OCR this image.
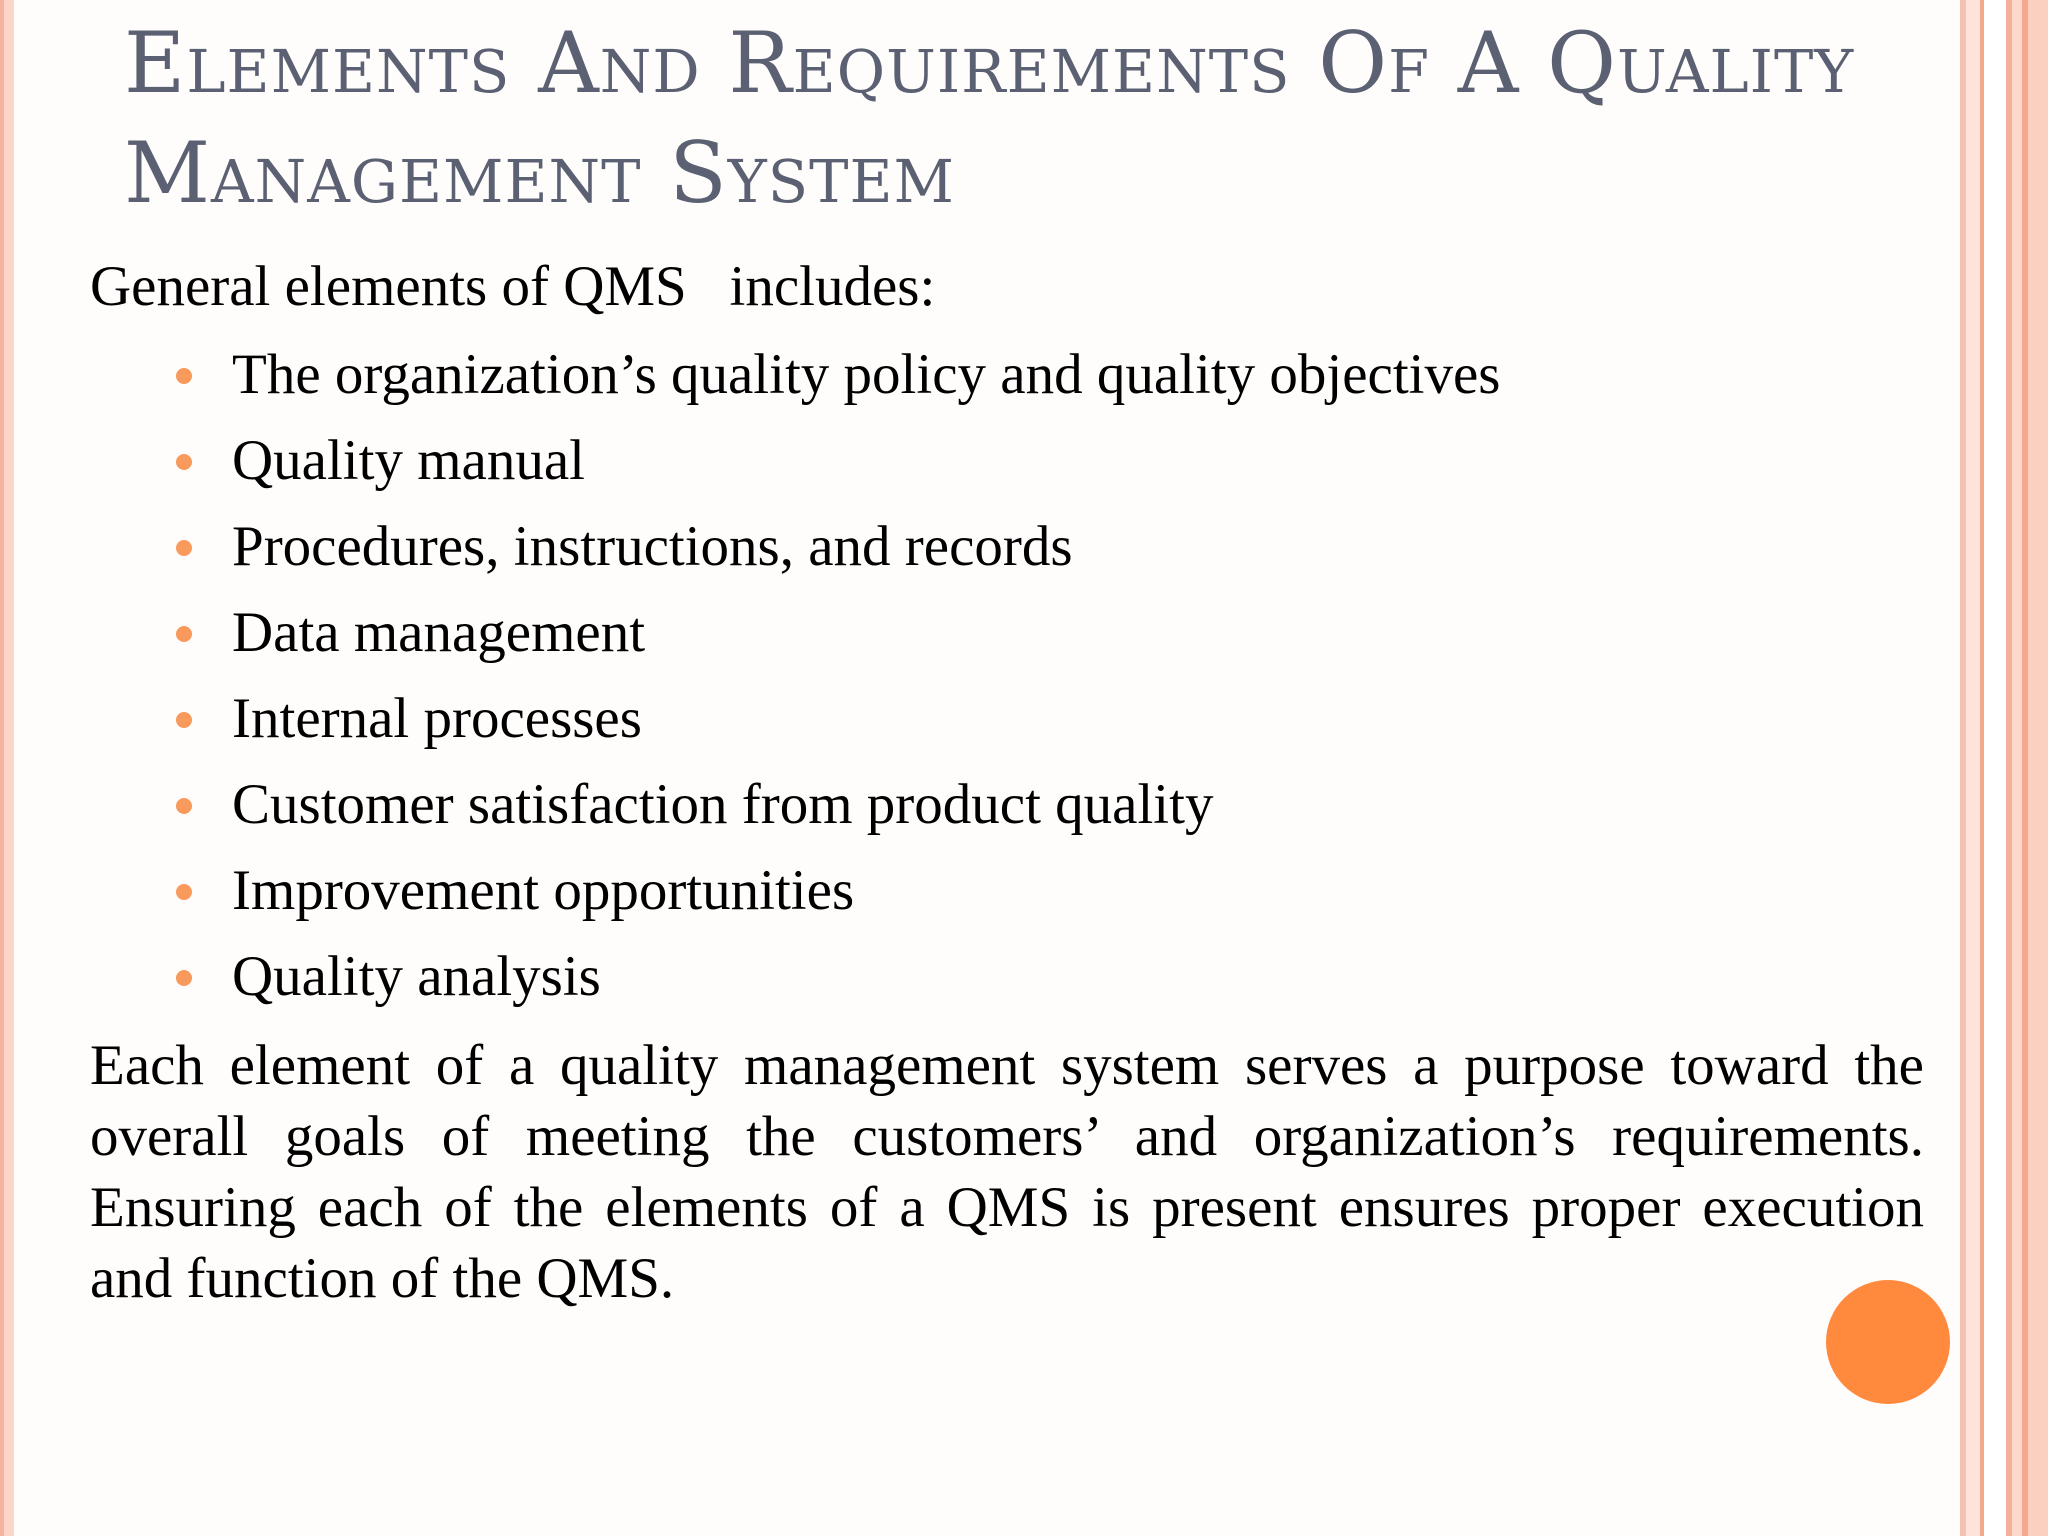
Elements And Requirements Of A Quality Management System
General elements of QMS   includes:
The organization’s quality policy and quality objectives
Quality manual
Procedures, instructions, and records
Data management
Internal processes
Customer satisfaction from product quality
Improvement opportunities
Quality analysis
Each element of a quality management system serves a purpose toward the overall goals of meeting the customers’ and organization’s requirements. Ensuring each of the elements of a QMS is present ensures proper execution and function of the QMS.
